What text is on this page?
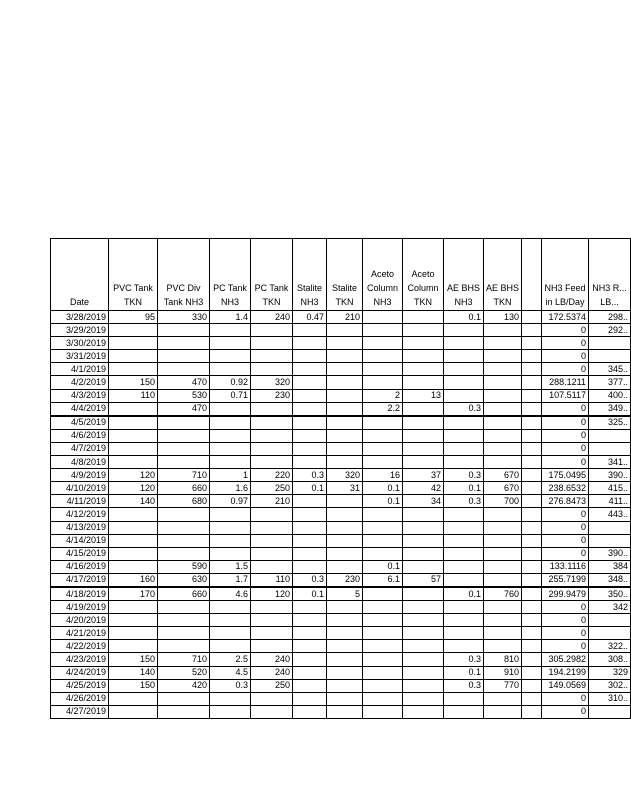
Date	PVC Tank TKN	PVC Div Tank NH3	PC Tank NH3	PC Tank TKN	Stalite NH3	Stalite TKN	Aceto Column NH3	Aceto Column TKN	AE BHS NH3	AE BHS TKN		NH3 Feed in LB/Day	NH3 R... LB...
3/28/2019	95	330	1.4	240	0.47	210			0.1	130		172.5374	298..
3/29/2019												0	292..
3/30/2019												0	
3/31/2019												0	
4/1/2019												0	345..
4/2/2019	150	470	0.92	320								288.1211	377..
4/3/2019	110	530	0.71	230			2	13				107.5117	400..
4/4/2019		470					2.2		0.3			0	349..
4/5/2019												0	325..
4/6/2019												0	
4/7/2019												0	
4/8/2019												0	341..
4/9/2019	120	710	1	220	0.3	320	16	37	0.3	670		175.0495	390..
4/10/2019	120	660	1.6	250	0.1	31	0.1	42	0.1	670		238.6532	415..
4/11/2019	140	680	0.97	210			0.1	34	0.3	700		276.8473	411..
4/12/2019												0	443..
4/13/2019												0	
4/14/2019												0	
4/15/2019												0	390..
4/16/2019		590	1.5				0.1					133.1116	384
4/17/2019	160	630	1.7	110	0.3	230	6.1	57				255.7199	348..
4/18/2019	170	660	4.6	120	0.1	5			0.1	760		299.9479	350..
4/19/2019												0	342
4/20/2019												0	
4/21/2019												0	
4/22/2019												0	322..
4/23/2019	150	710	2.5	240					0.3	810		305.2982	308..
4/24/2019	140	520	4.5	240					0.1	910		194.2199	329
4/25/2019	150	420	0.3	250					0.3	770		149.0569	302..
4/26/2019												0	310..
4/27/2019												0	
